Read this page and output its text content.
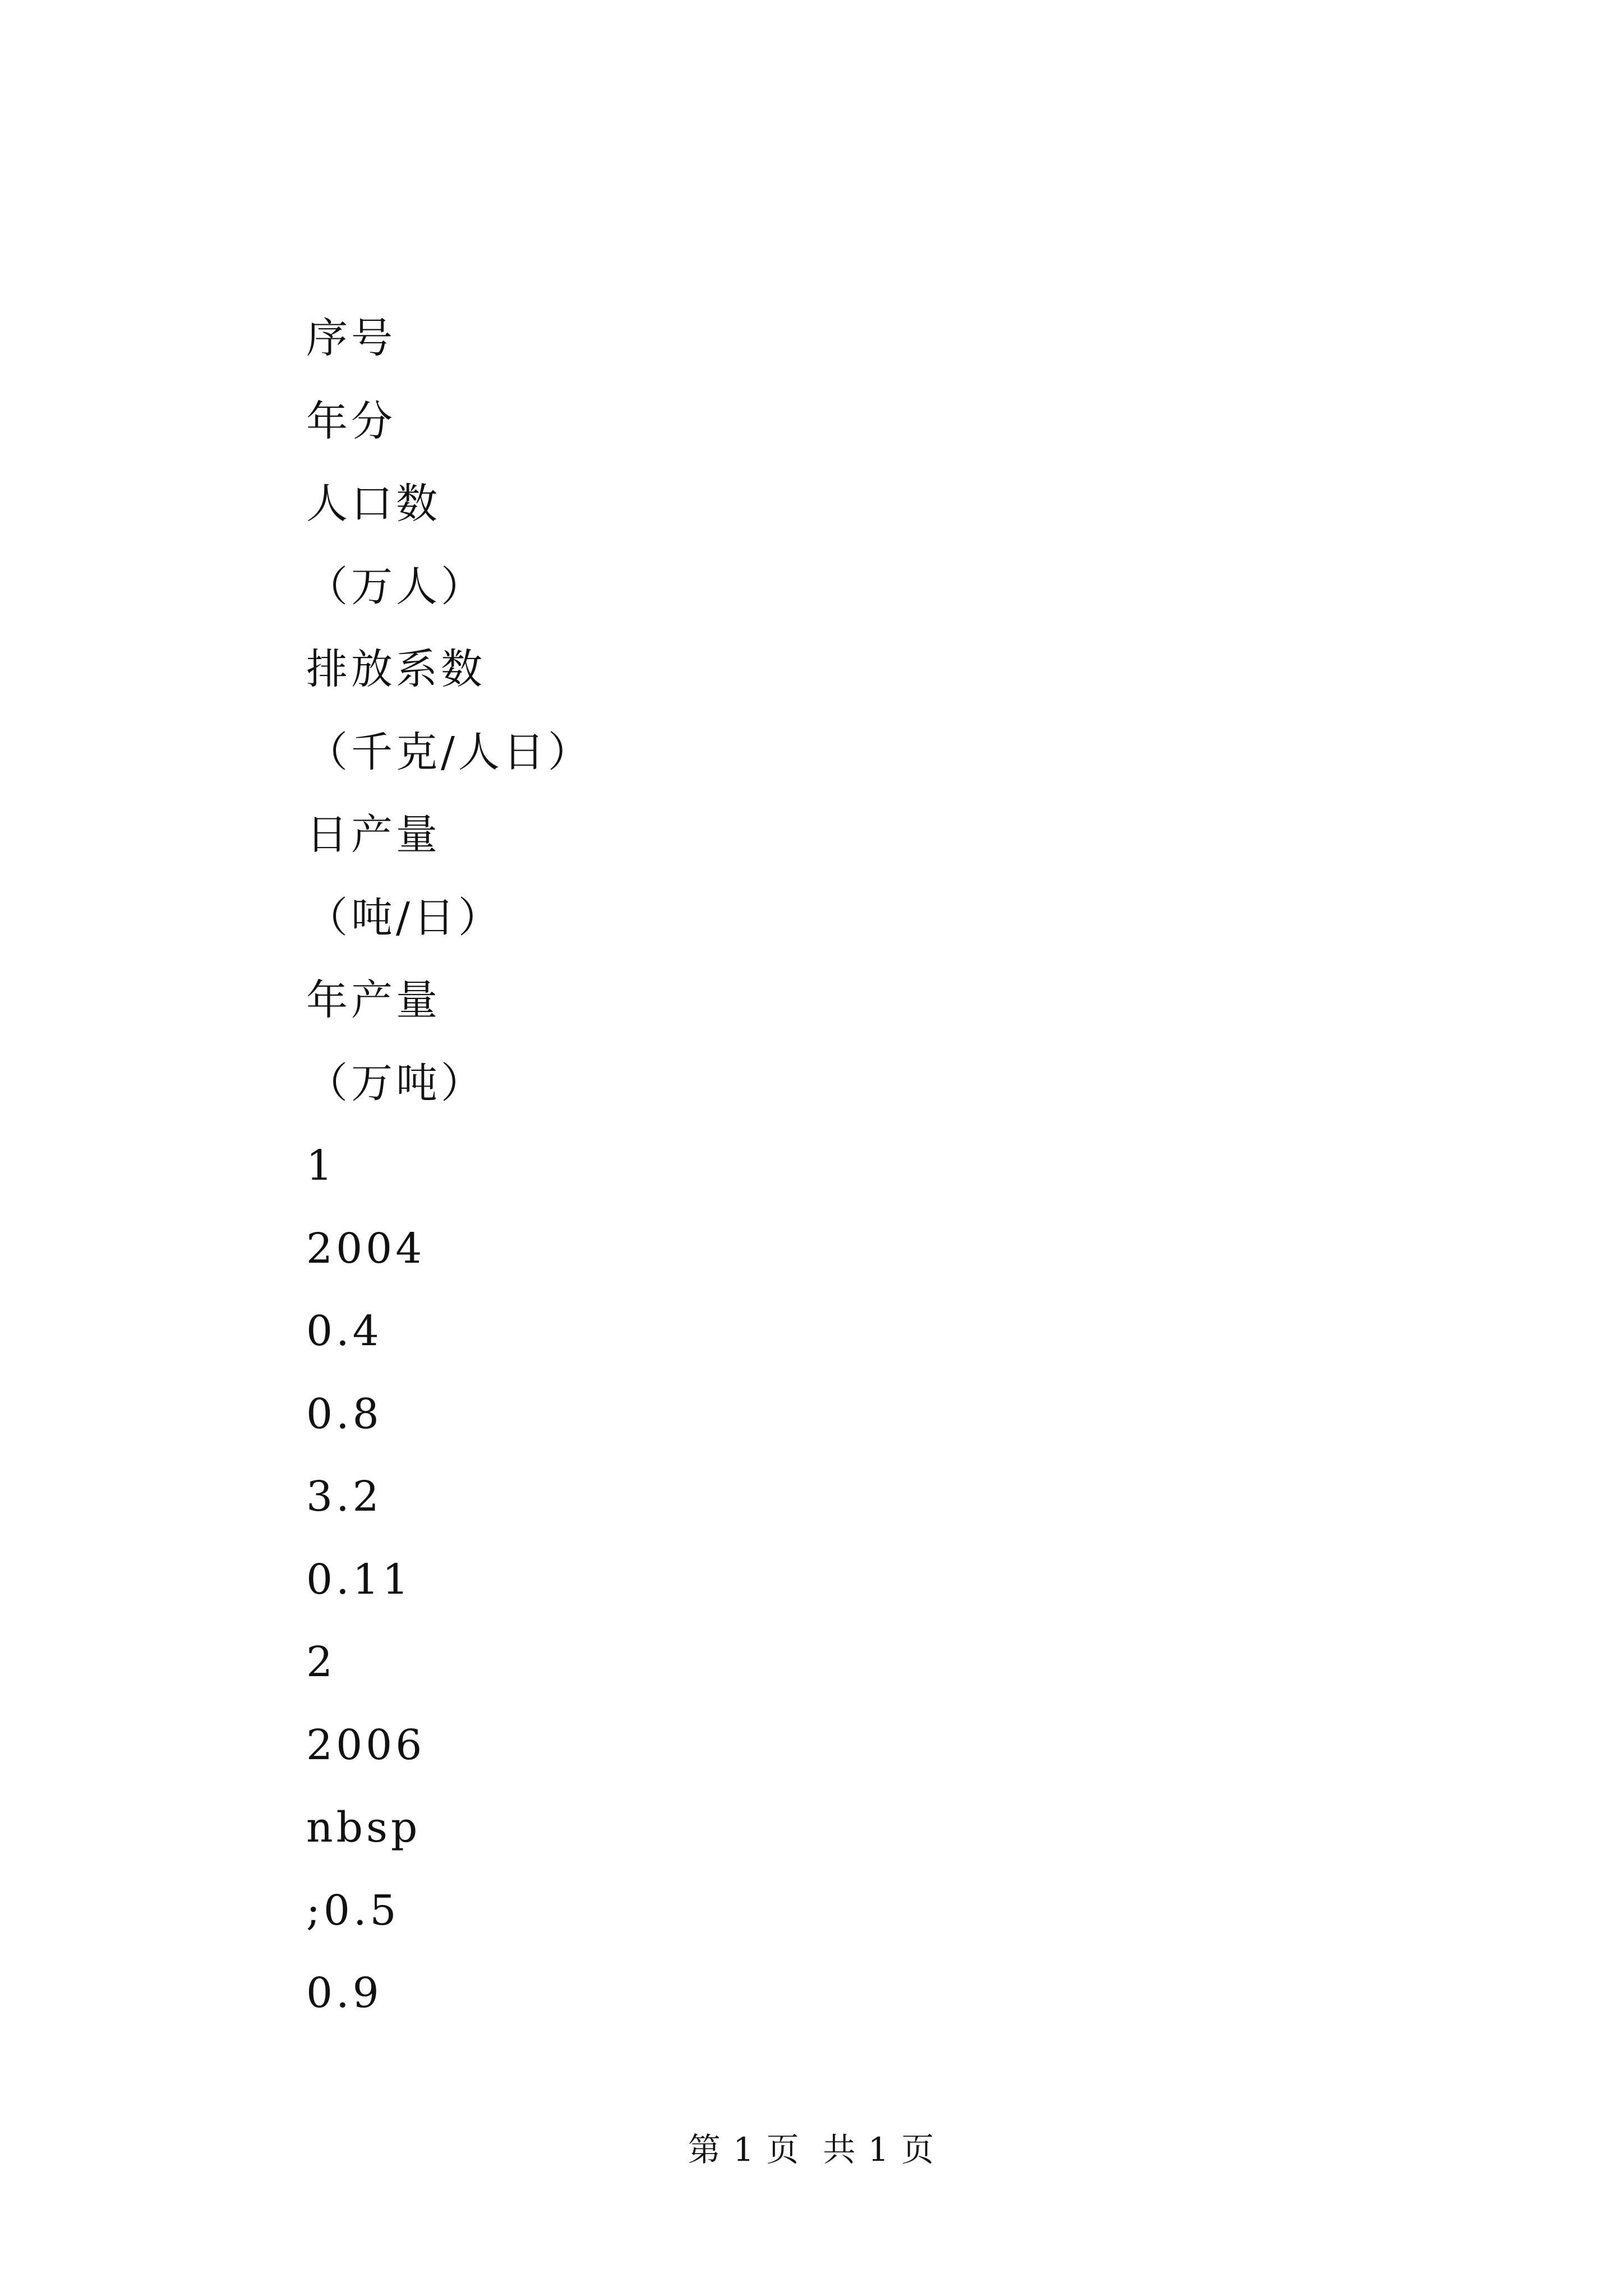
序号
年分
人口数
（万人）
排放系数
（千克/人日）
日产量
（吨/日）
年产量
（万吨）
1
2004
0.4
0.8
3.2
0.11
2
2006
nbsp
;0.5
0.9
第 1 页  共 1 页
